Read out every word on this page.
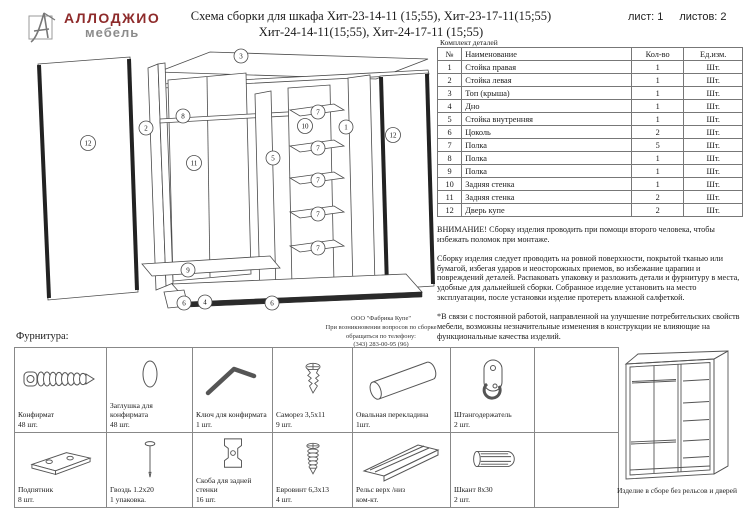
АЛЛОДЖИО
мебель
Схема сборки для шкафа Хит-23-14-11 (15;55), Хит-23-17-11(15;55)
Хит-24-14-11(15;55), Хит-24-17-11 (15;55)
лист: 1 листов: 2
3
2
12
8
11
5
10
7
7
7
7
7
1
12
9
6	4	6
Комплект деталей
№	Наименование	Кол-во	Ед.изм.
1	Стойка правая	1	Шт.
2	Стойка левая	1	Шт.
3	Топ (крыша)	1	Шт.
4	Дно	1	Шт.
5	Стойка внутренняя	1	Шт.
6	Цоколь	2	Шт.
7	Полка	5	Шт.
8	Полка	1	Шт.
9	Полка	1	Шт.
10	Задняя стенка	1	Шт.
11	Задняя стенка	2	Шт.
12	Дверь купе	2	Шт.

ВНИМАНИЕ! Сборку изделия проводить при помощи второго человека, чтобы избежать поломок при монтаже.

Сборку изделия следует проводить на ровной поверхности, покрытой тканью или бумагой, избегая ударов и неосторожных приемов, во избежание царапин и повреждений деталей. Распаковать упаковку и разложить детали и фурнитуру в места, удобные для дальнейшей сборки. Собранное изделие установить на место эксплуатации, после установки изделие протереть влажной салфеткой.

*В связи с постоянной работой, направленной на улучшение потребительских свойств мебели, возможны незначительные изменения в конструкции не влияющие на функциональные качества изделий.

ООО "Фабрика Купе"
При возникновении вопросов по сборке
обращаться по телефону:
(343) 283-00-95 (96)
Фурнитура:
Конфирмат
48 шт.	Заглушка для конфирмата
48 шт.	Ключ для конфирмата
1 шт.	Саморез 3,5х11
9 шт.	Овальная перекладина
1шт.	Штангодержатель
2 шт.	

Подпятник
8 шт.	Гвоздь 1.2х20
1 упаковка.	Скоба для задней стенки
16 шт.	Евровинт 6,3х13
4 шт.	Рельс верх /низ
ком-кт.	Шкант 8х30
2 шт.	

Изделие в сборе без рельсов и дверей
